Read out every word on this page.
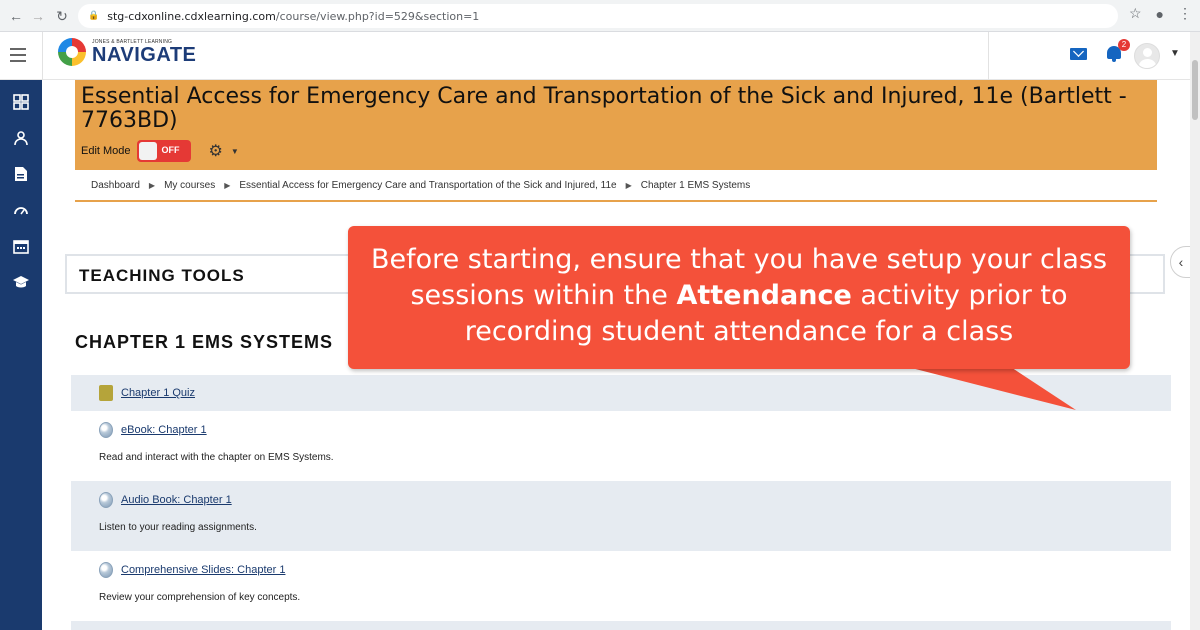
← → ↻	🔒 stg-cdxonline.cdxlearning.com /course/view.php?id=529&section=1	☆ ● ⋮
JONES & BARTLETT LEARNING
NAVIGATE	2
▼
Essential Access for Emergency Care and Transportation of the Sick and Injured, 11e (Bartlett - 7763BD)
Edit Mode	OFF ⚙ ▼
Dashboard ▶ My courses ▶ Essential Access for Emergency Care and Transportation of the Sick and Injured, 11e ▶ Chapter 1 EMS Systems
TEACHING TOOLS
‹
CHAPTER 1 EMS SYSTEMS
Chapter 1 Quiz
eBook: Chapter 1
Read and interact with the chapter on EMS Systems.
Audio Book: Chapter 1
Listen to your reading assignments.
Comprehensive Slides: Chapter 1
Review your comprehension of key concepts.
Before starting, ensure that you have setup your class sessions within the Attendance activity prior to recording student attendance for a class
